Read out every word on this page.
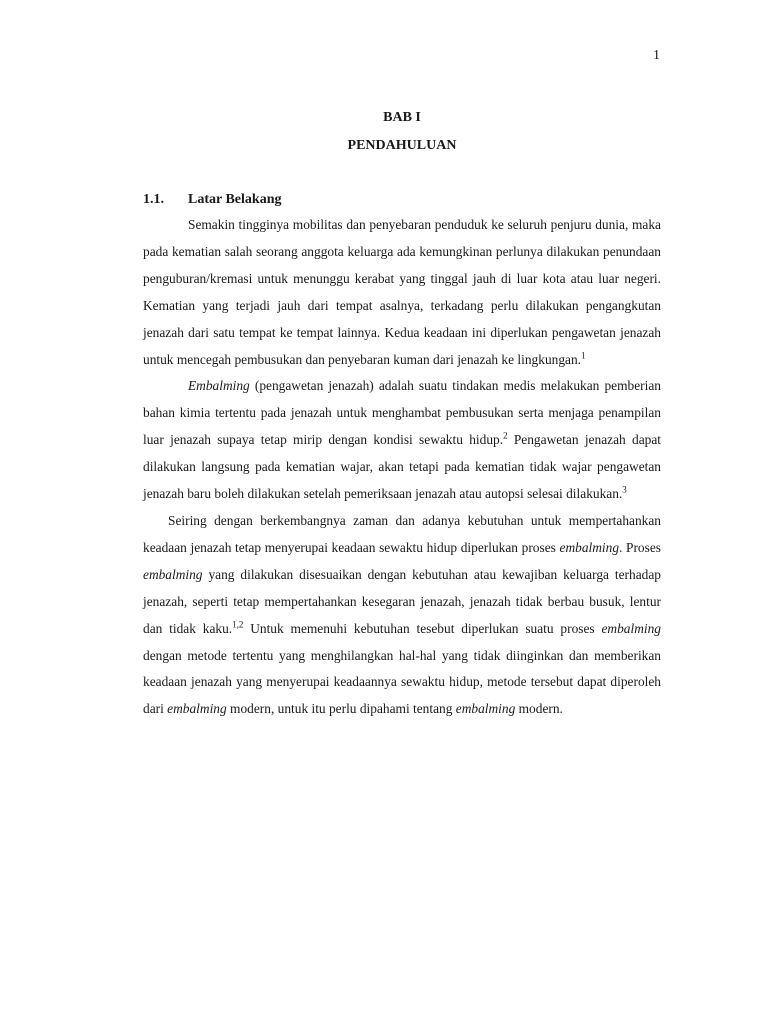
1
BAB I
PENDAHULUAN
1.1. Latar Belakang

Semakin tingginya mobilitas dan penyebaran penduduk ke seluruh penjuru dunia, maka pada kematian salah seorang anggota keluarga ada kemungkinan perlunya dilakukan penundaan penguburan/kremasi untuk menunggu kerabat yang tinggal jauh di luar kota atau luar negeri. Kematian yang terjadi jauh dari tempat asalnya, terkadang perlu dilakukan pengangkutan jenazah dari satu tempat ke tempat lainnya. Kedua keadaan ini diperlukan pengawetan jenazah untuk mencegah pembusukan dan penyebaran kuman dari jenazah ke lingkungan.$^1$

Embalming (pengawetan jenazah) adalah suatu tindakan medis melakukan pemberian bahan kimia tertentu pada jenazah untuk menghambat pembusukan serta menjaga penampilan luar jenazah supaya tetap mirip dengan kondisi sewaktu hidup.$^2$ Pengawetan jenazah dapat dilakukan langsung pada kematian wajar, akan tetapi pada kematian tidak wajar pengawetan jenazah baru boleh dilakukan setelah pemeriksaan jenazah atau autopsi selesai dilakukan.$^3$

Seiring dengan berkembangnya zaman dan adanya kebutuhan untuk mempertahankan keadaan jenazah tetap menyerupai keadaan sewaktu hidup diperlukan proses embalming. Proses embalming yang dilakukan disesuaikan dengan kebutuhan atau kewajiban keluarga terhadap jenazah, seperti tetap mempertahankan kesegaran jenazah, jenazah tidak berbau busuk, lentur dan tidak kaku.$^{1,2}$ Untuk memenuhi kebutuhan tesebut diperlukan suatu proses embalming dengan metode tertentu yang menghilangkan hal-hal yang tidak diinginkan dan memberikan keadaan jenazah yang menyerupai keadaannya sewaktu hidup, metode tersebut dapat diperoleh dari embalming modern, untuk itu perlu dipahami tentang embalming modern.
